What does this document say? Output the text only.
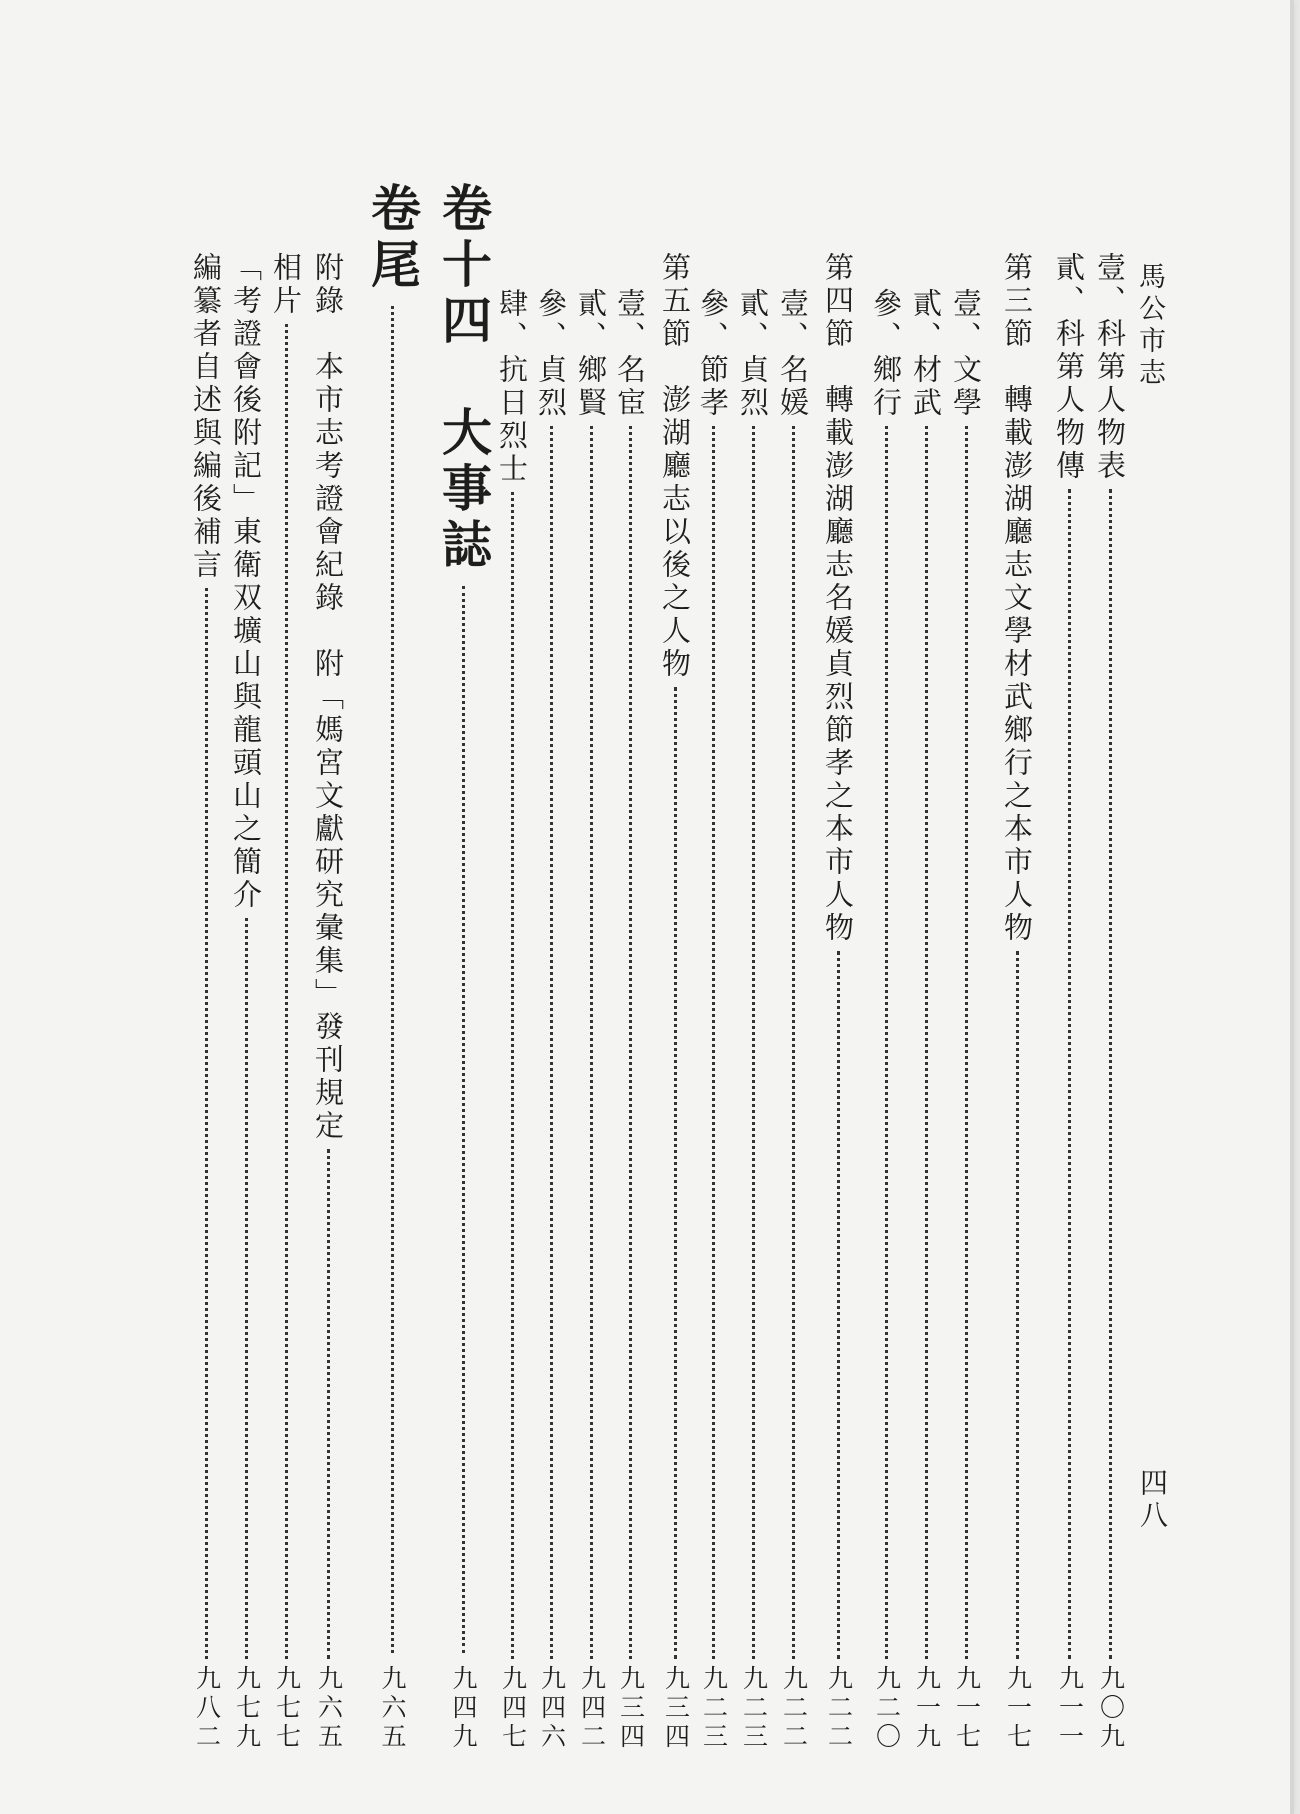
馬公市志
壹、科第人物表
九〇九
貳、科第人物傳
九一一
第三節　轉載澎湖廳志文學材武鄉行之本市人物
九一七
壹、文學
九一七
貳、材武
九一九
參、鄉行
九二〇
第四節　轉載澎湖廳志名媛貞烈節孝之本市人物
九二二
壹、名媛
九二二
貳、貞烈
九二三
參、節孝
九二三
第五節　澎湖廳志以後之人物
九三四
壹、名宦
九三四
貳、鄉賢
九四二
參、貞烈
九四六
肆、抗日烈士
九四七
卷十四　大事誌
九四九
卷尾
九六五
附錄　本市志考證會紀錄　附「媽宮文獻研究彙集」發刊規定
九六五
相片
九七七
「考證會後附記」東衛双壙山與龍頭山之簡介
九七九
編纂者自述與編後補言
九八二
四八
